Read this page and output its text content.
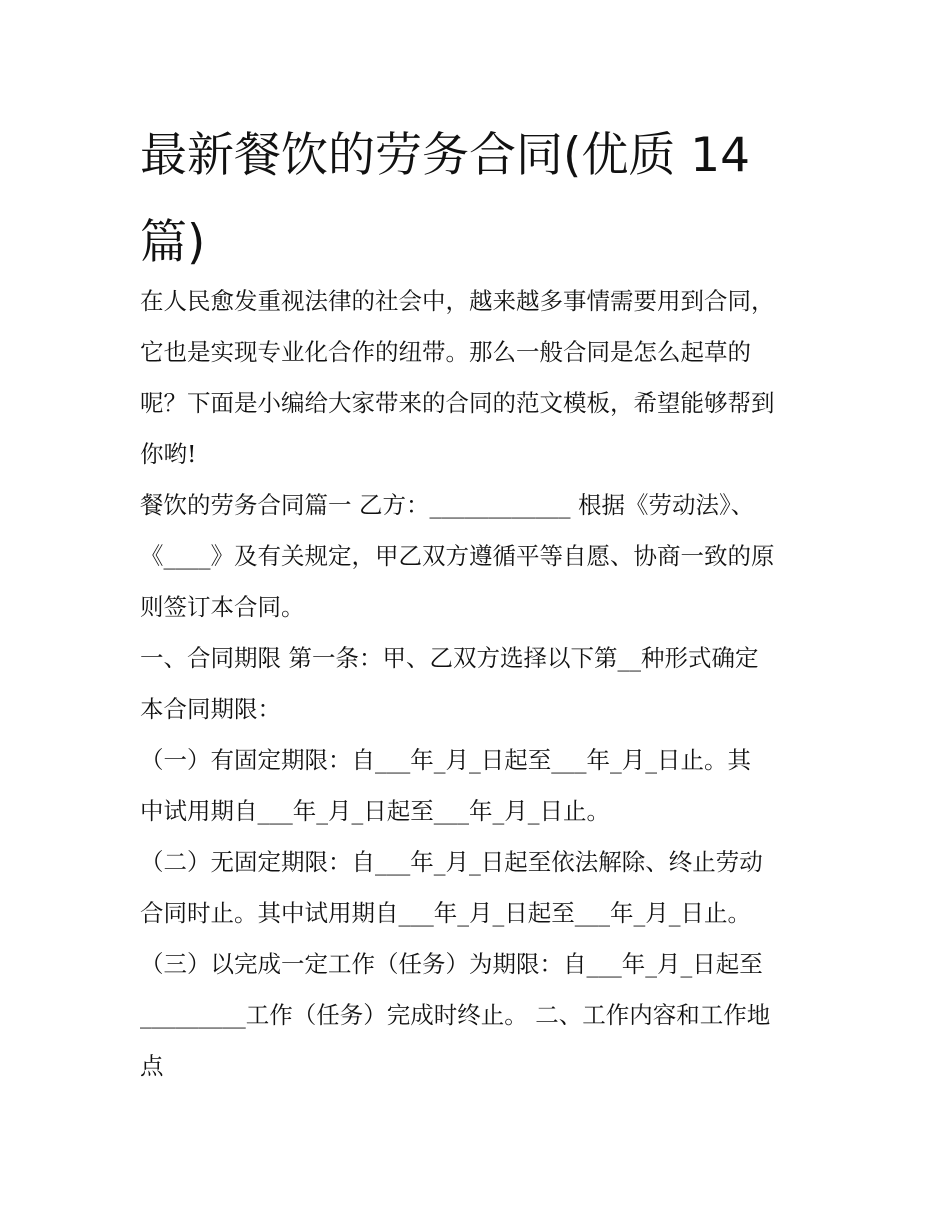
最新餐饮的劳务合同(优质 14
篇)

在人民愈发重视法律的社会中，越来越多事情需要用到合同，
它也是实现专业化合作的纽带。那么一般合同是怎么起草的
呢？下面是小编给大家带来的合同的范文模板，希望能够帮到
你哟!

餐饮的劳务合同篇一 乙方：____________ 根据《劳动法》、
《____》及有关规定，甲乙双方遵循平等自愿、协商一致的原
则签订本合同。

一、合同期限 第一条：甲、乙双方选择以下第__种形式确定
本合同期限：

（一）有固定期限：自___年_月_日起至___年_月_日止。其
中试用期自___年_月_日起至___年_月_日止。

（二）无固定期限：自___年_月_日起至依法解除、终止劳动
合同时止。其中试用期自___年_月_日起至___年_月_日止。

（三）以完成一定工作（任务）为期限：自___年_月_日起至
_________工作（任务）完成时终止。 二、工作内容和工作地
点
